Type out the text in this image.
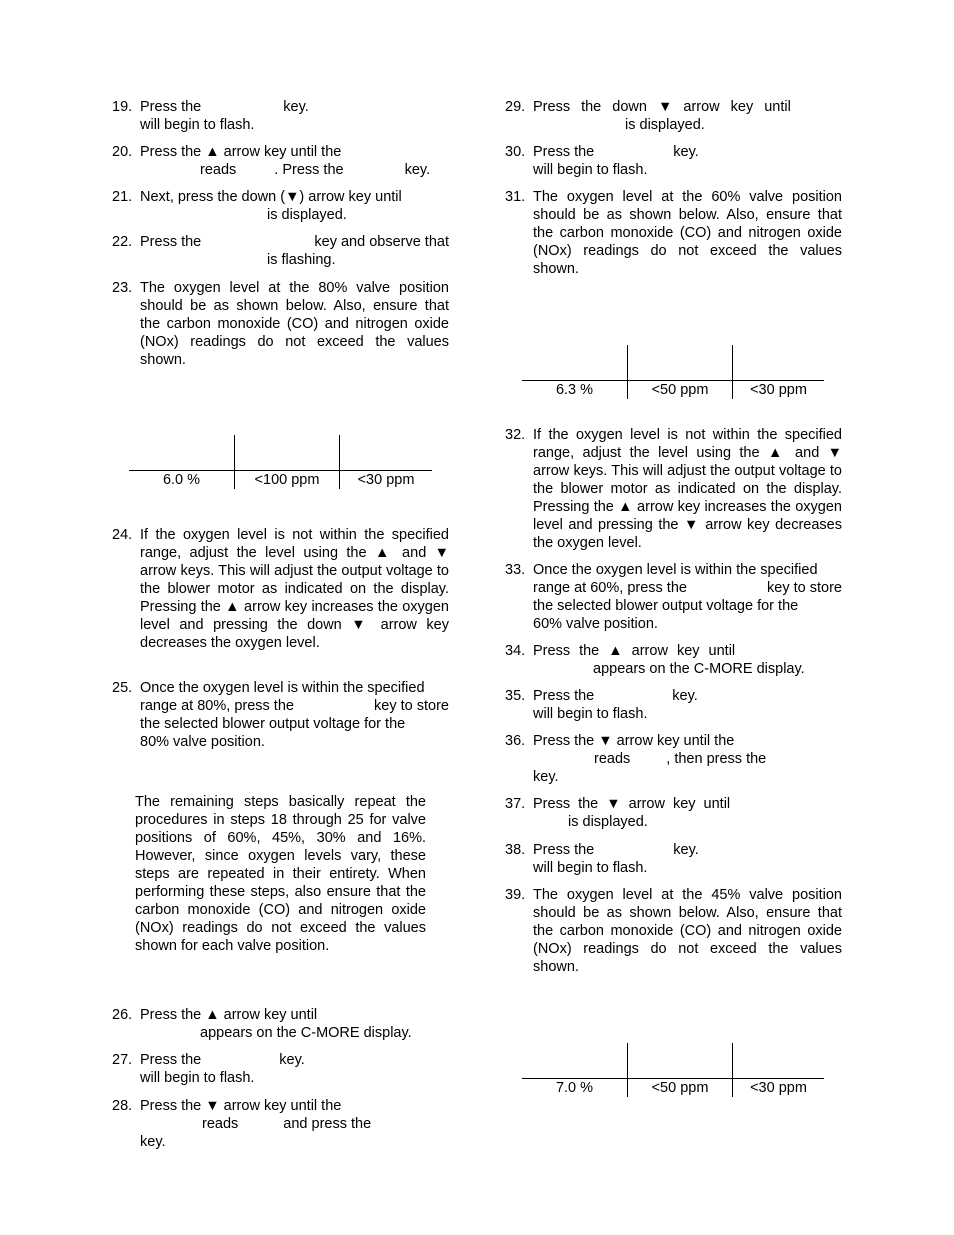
19. Press the	key.
will begin to flash.
20. Press the ▲ arrow key until the
reads	. Press the	key.
21. Next, press the down (▼) arrow key until
is displayed.
22. Press the	key and observe that
is flashing.
23. The oxygen level at the 80% valve position should be as shown below. Also, ensure that the carbon monoxide (CO) and nitrogen oxide (NOx) readings do not exceed the values shown.
24. If the oxygen level is not within the specified range, adjust the level using the ▲ and ▼ arrow keys. This will adjust the output voltage to the blower motor as indicated on the display. Pressing the ▲ arrow key increases the oxygen level and pressing the down ▼ arrow key decreases the oxygen level.
25. Once the oxygen level is within the specified
range at 80%, press the	key to store
the selected blower output voltage for the
80% valve position.
26. Press the ▲ arrow key until
appears on the C-MORE display.
27. Press the	key.
will begin to flash.
28. Press the ▼ arrow key until the
reads	and press the
key.
The remaining steps basically repeat the procedures in steps 18 through 25 for valve positions of 60%, 45%, 30% and 16%. However, since oxygen levels vary, these steps are repeated in their entirety. When performing these steps, also ensure that the carbon monoxide (CO) and nitrogen oxide (NOx) readings do not exceed the values shown for each valve position.

6.0 %	<100 ppm	<30 ppm
29. Press the down ▼ arrow key until
is displayed.
30. Press the	key.
will begin to flash.
31. The oxygen level at the 60% valve position should be as shown below. Also, ensure that the carbon monoxide (CO) and nitrogen oxide (NOx) readings do not exceed the values shown.
32. If the oxygen level is not within the specified range, adjust the level using the ▲ and ▼ arrow keys. This will adjust the output voltage to the blower motor as indicated on the display. Pressing the ▲ arrow key increases the oxygen level and pressing the ▼ arrow key decreases the oxygen level.
33. Once the oxygen level is within the specified
range at 60%, press the	key to store
the selected blower output voltage for the
60% valve position.
34. Press the ▲ arrow key until
appears on the C-MORE display.
35. Press the	key.
will begin to flash.
36. Press the ▼ arrow key until the
reads , then press the
key.
37. Press the ▼ arrow key until
is displayed.
38. Press the	key.
will begin to flash.
39. The oxygen level at the 45% valve position should be as shown below. Also, ensure that the carbon monoxide (CO) and nitrogen oxide (NOx) readings do not exceed the values shown.

6.3 %	<50 ppm	<30 ppm

7.0 %	<50 ppm	<30 ppm
